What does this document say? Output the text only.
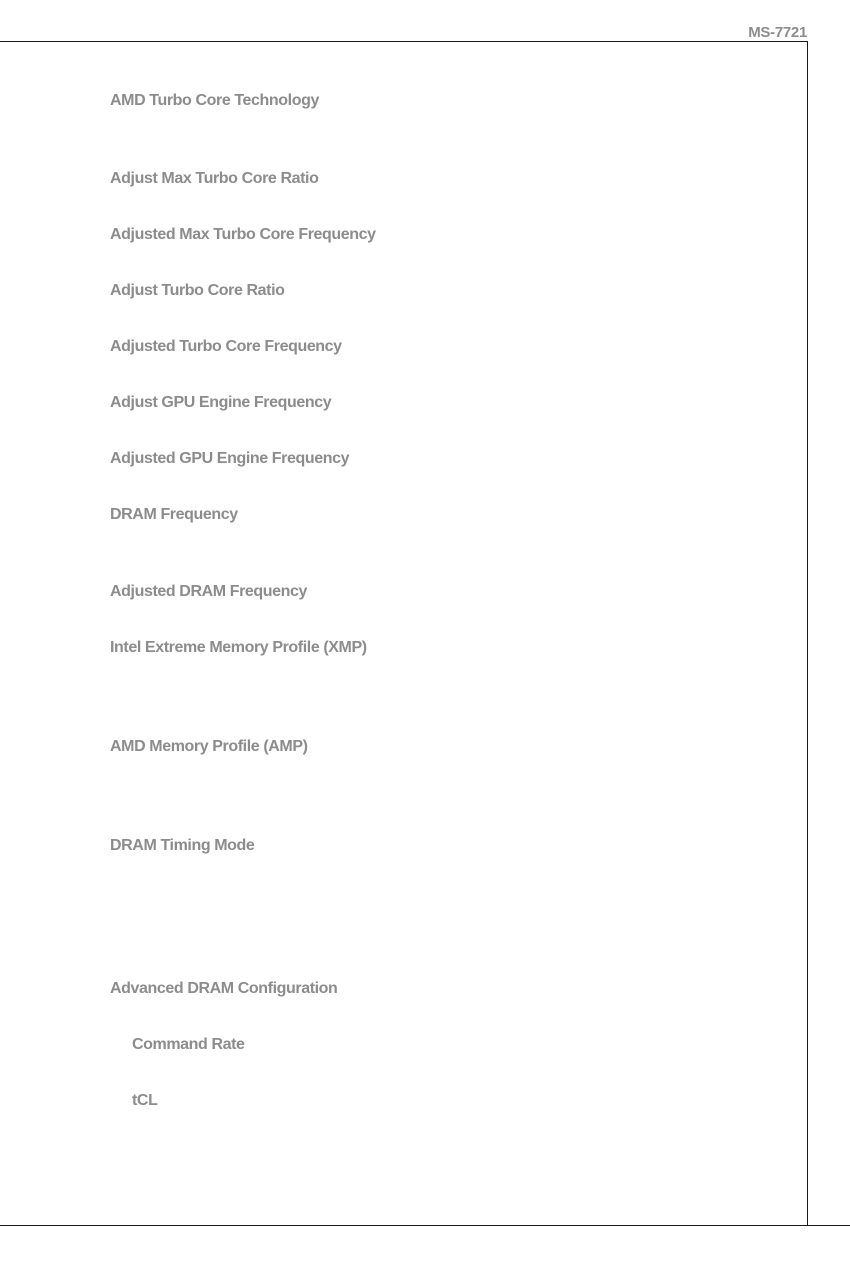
MS-7721
AMD Turbo Core Technology
Adjust Max Turbo Core Ratio
Adjusted Max Turbo Core Frequency
Adjust Turbo Core Ratio
Adjusted Turbo Core Frequency
Adjust GPU Engine Frequency
Adjusted GPU Engine Frequency
DRAM Frequency
Adjusted DRAM Frequency
Intel Extreme Memory Profile (XMP)
AMD Memory Profile (AMP)
DRAM Timing Mode
Advanced DRAM Configuration
Command Rate
tCL
